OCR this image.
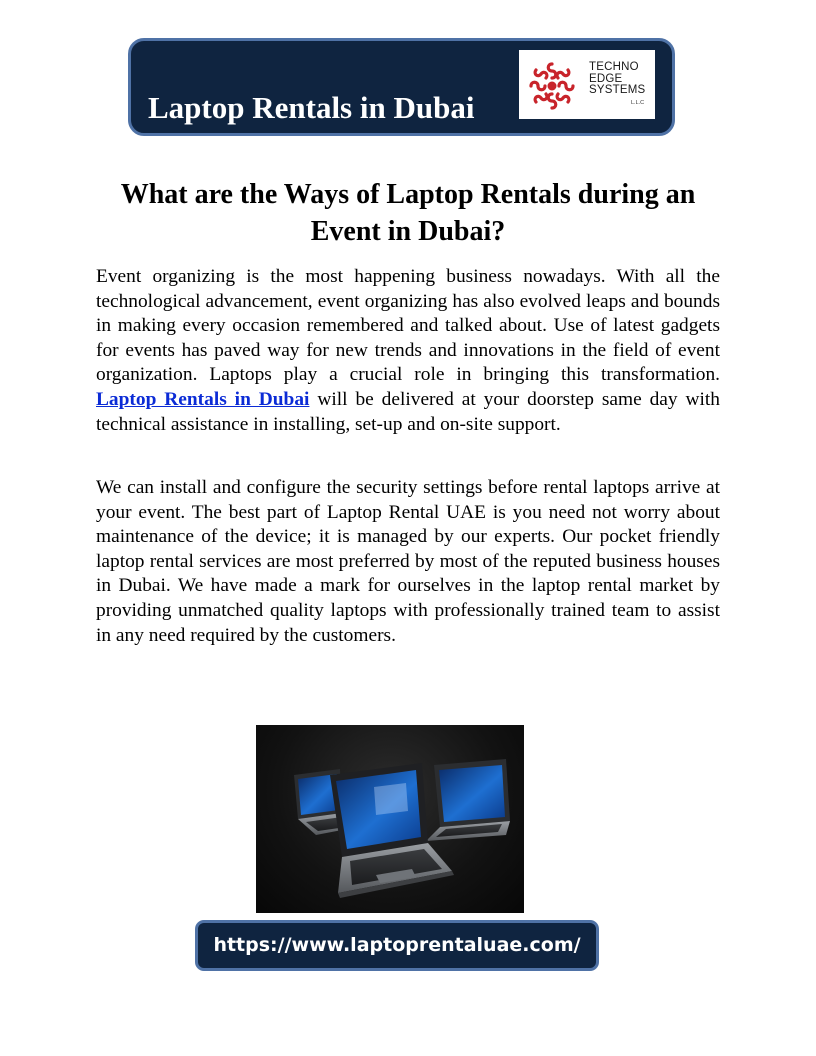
Laptop Rentals in Dubai
TECHNO
EDGE
SYSTEMS
L.L.C
What are the Ways of Laptop Rentals during an Event in Dubai?

Event organizing is the most happening business nowadays. With all the technological advancement, event organizing has also evolved leaps and bounds in making every occasion remembered and talked about. Use of latest gadgets for events has paved way for new trends and innovations in the field of event organization. Laptops play a crucial role in bringing this transformation. Laptop Rentals in Dubai will be delivered at your doorstep same day with technical assistance in installing, set-up and on-site support.

We can install and configure the security settings before rental laptops arrive at your event. The best part of Laptop Rental UAE is you need not worry about maintenance of the device; it is managed by our experts. Our pocket friendly laptop rental services are most preferred by most of the reputed business houses in Dubai. We have made a mark for ourselves in the laptop rental market by providing unmatched quality laptops with professionally trained team to assist in any need required by the customers.

https://www.laptoprentaluae.com/
